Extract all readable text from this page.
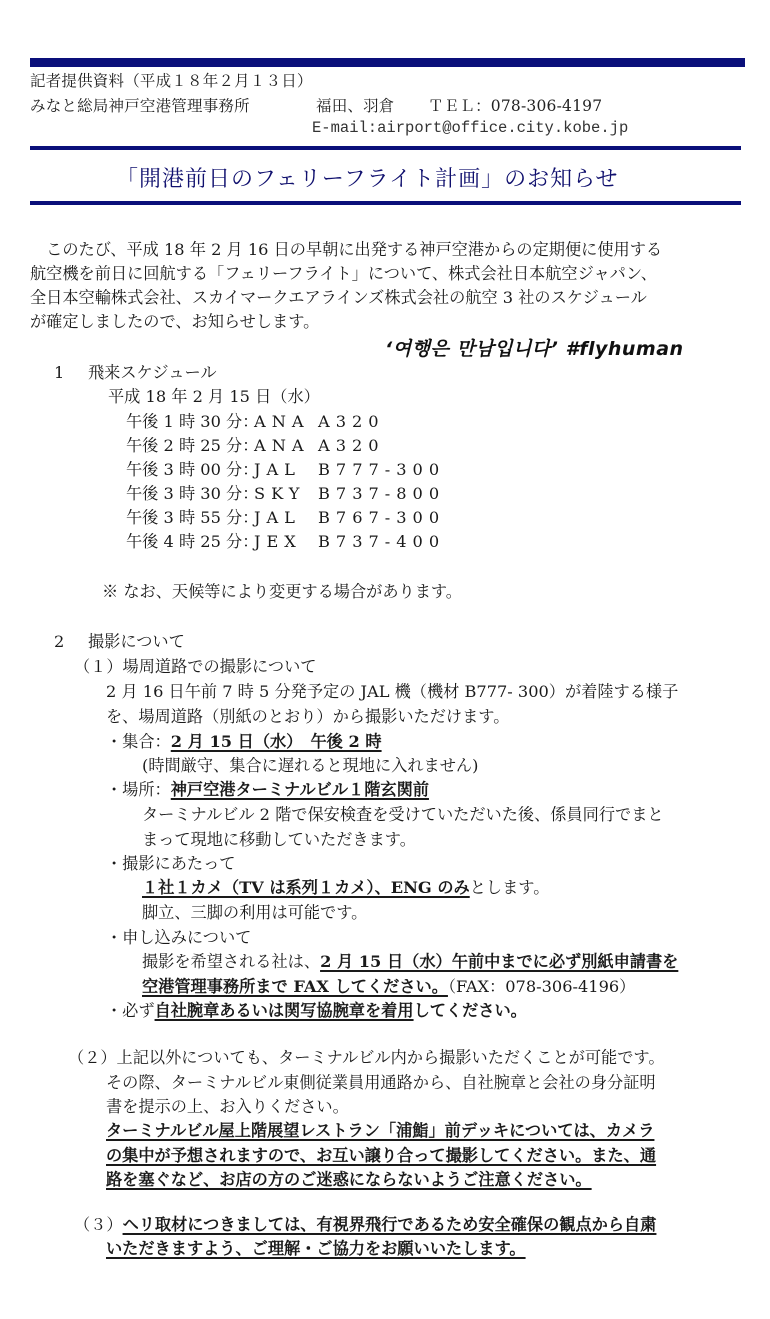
記者提供資料（平成１８年２月１３日）
みなと総局神戸空港管理事務所	福田、羽倉 ＴＥＬ：078-306-4197
E-mail:airport@office.city.kobe.jp
「開港前日のフェリーフライト計画」のお知らせ
　このたび、平成 18 年 2 月 16 日の早朝に出発する神戸空港からの定期便に使用する
航空機を前日に回航する「フェリーフライト」について、株式会社日本航空ジャパン、
全日本空輸株式会社、スカイマークエアラインズ株式会社の航空 3 社のスケジュール
が確定しましたので、お知らせします。
‘여행은 만남입니다’ #flyhuman
1 飛来スケジュール
平成 18 年 2 月 15 日（水）
午後 1 時 30 分：ANA A320
午後 2 時 25 分：ANA A320
午後 3 時 00 分：JAL B777-300
午後 3 時 30 分：SKY B737-800
午後 3 時 55 分：JAL B767-300
午後 4 時 25 分：JEX B737-400
※ なお、天候等により変更する場合があります。
2 撮影について
（１）場周道路での撮影について
2 月 16 日午前 7 時 5 分発予定の JAL 機（機材 B777- 300）が着陸する様子
を、場周道路（別紙のとおり）から撮影いただけます。
・集合：2 月 15 日（水）　午後 2 時
(時間厳守、集合に遅れると現地に入れません)
・場所：神戸空港ターミナルビル１階玄関前
ターミナルビル 2 階で保安検査を受けていただいた後、係員同行でまと
まって現地に移動していただきます。
・撮影にあたって
１社１カメ（TV は系列１カメ）、ENG のみとします。
脚立、三脚の利用は可能です。
・申し込みについて
撮影を希望される社は、2 月 15 日（水）午前中までに必ず別紙申請書を
空港管理事務所まで FAX してください。（FAX：078-306-4196）
・必ず自社腕章あるいは関写協腕章を着用してください。
（２）上記以外についても、ターミナルビル内から撮影いただくことが可能です。
その際、ターミナルビル東側従業員用通路から、自社腕章と会社の身分証明
書を提示の上、お入りください。
ターミナルビル屋上階展望レストラン「浦鮨」前デッキについては、カメラ
の集中が予想されますので、お互い譲り合って撮影してください。また、通
路を塞ぐなど、お店の方のご迷惑にならないようご注意ください。
（３）ヘリ取材につきましては、有視界飛行であるため安全確保の観点から自粛
いただきますよう、ご理解・ご協力をお願いいたします。
